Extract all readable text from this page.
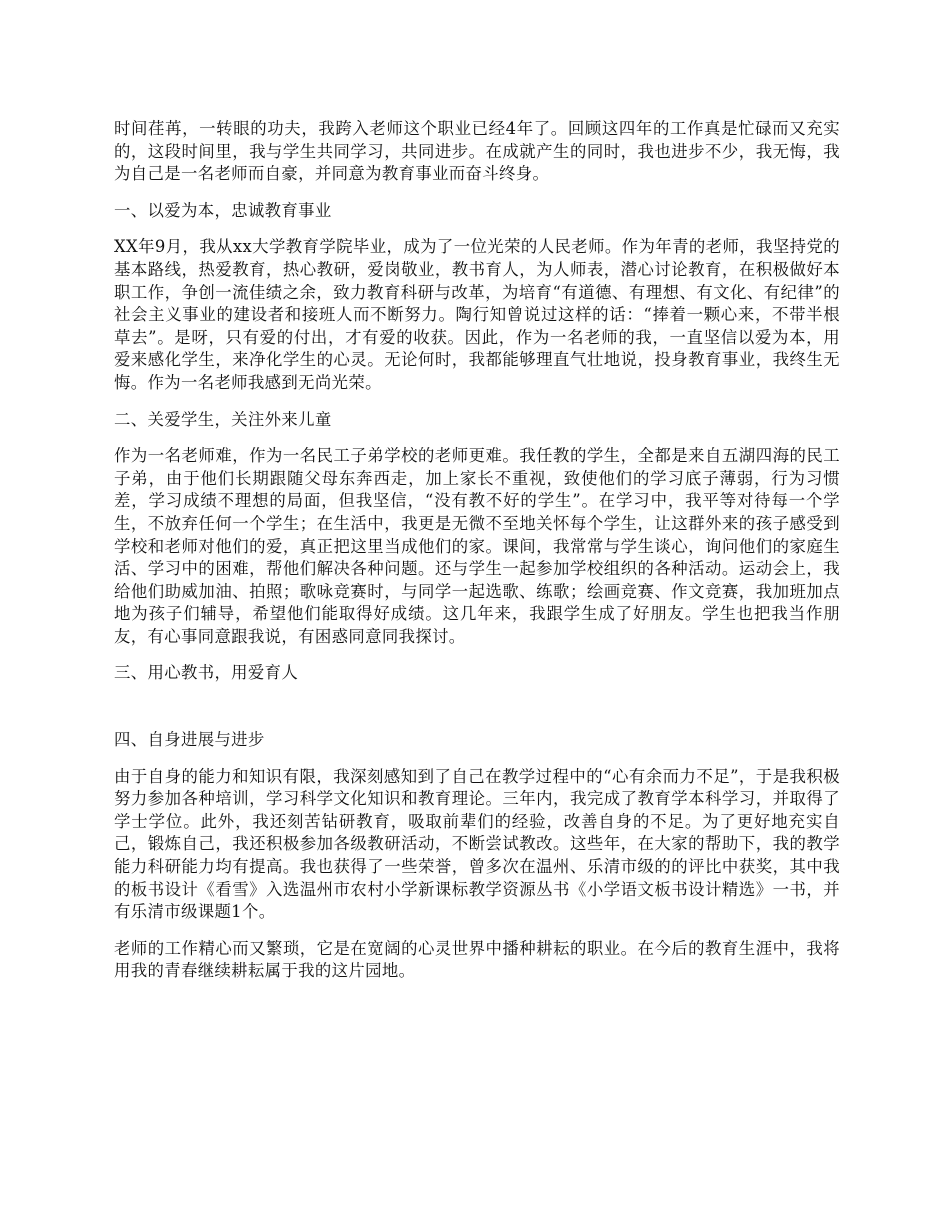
时间荏苒，一转眼的功夫，我跨入老师这个职业已经4年了。回顾这四年的工作真是忙碌而又充实的，这段时间里，我与学生共同学习，共同进步。在成就产生的同时，我也进步不少，我无悔，我为自己是一名老师而自豪，并同意为教育事业而奋斗终身。

一、以爱为本，忠诚教育事业

XX年9月，我从xx大学教育学院毕业，成为了一位光荣的人民老师。作为年青的老师，我坚持党的基本路线，热爱教育，热心教研，爱岗敬业，教书育人，为人师表，潜心讨论教育，在积极做好本职工作，争创一流佳绩之余，致力教育科研与改革，为培育“有道德、有理想、有文化、有纪律”的社会主义事业的建设者和接班人而不断努力。陶行知曾说过这样的话：“捧着一颗心来，不带半根草去”。是呀，只有爱的付出，才有爱的收获。因此，作为一名老师的我，一直坚信以爱为本，用爱来感化学生，来净化学生的心灵。无论何时，我都能够理直气壮地说，投身教育事业，我终生无悔。作为一名老师我感到无尚光荣。

二、关爱学生，关注外来儿童

作为一名老师难，作为一名民工子弟学校的老师更难。我任教的学生，全都是来自五湖四海的民工子弟，由于他们长期跟随父母东奔西走，加上家长不重视，致使他们的学习底子薄弱，行为习惯差，学习成绩不理想的局面，但我坚信，“没有教不好的学生”。在学习中，我平等对待每一个学生，不放弃任何一个学生；在生活中，我更是无微不至地关怀每个学生，让这群外来的孩子感受到学校和老师对他们的爱，真正把这里当成他们的家。课间，我常常与学生谈心，询问他们的家庭生活、学习中的困难，帮他们解决各种问题。还与学生一起参加学校组织的各种活动。运动会上，我给他们助威加油、拍照；歌咏竞赛时，与同学一起选歌、练歌；绘画竞赛、作文竞赛，我加班加点地为孩子们辅导，希望他们能取得好成绩。这几年来，我跟学生成了好朋友。学生也把我当作朋友，有心事同意跟我说，有困惑同意同我探讨。

三、用心教书，用爱育人

四、自身进展与进步

由于自身的能力和知识有限，我深刻感知到了自己在教学过程中的“心有余而力不足”，于是我积极努力参加各种培训，学习科学文化知识和教育理论。三年内，我完成了教育学本科学习，并取得了学士学位。此外，我还刻苦钻研教育，吸取前辈们的经验，改善自身的不足。为了更好地充实自己，锻炼自己，我还积极参加各级教研活动，不断尝试教改。这些年，在大家的帮助下，我的教学能力科研能力均有提高。我也获得了一些荣誉，曾多次在温州、乐清市级的的评比中获奖，其中我的板书设计《看雪》入选温州市农村小学新课标教学资源丛书《小学语文板书设计精选》一书，并有乐清市级课题1个。

老师的工作精心而又繁琐，它是在宽阔的心灵世界中播种耕耘的职业。在今后的教育生涯中，我将用我的青春继续耕耘属于我的这片园地。
